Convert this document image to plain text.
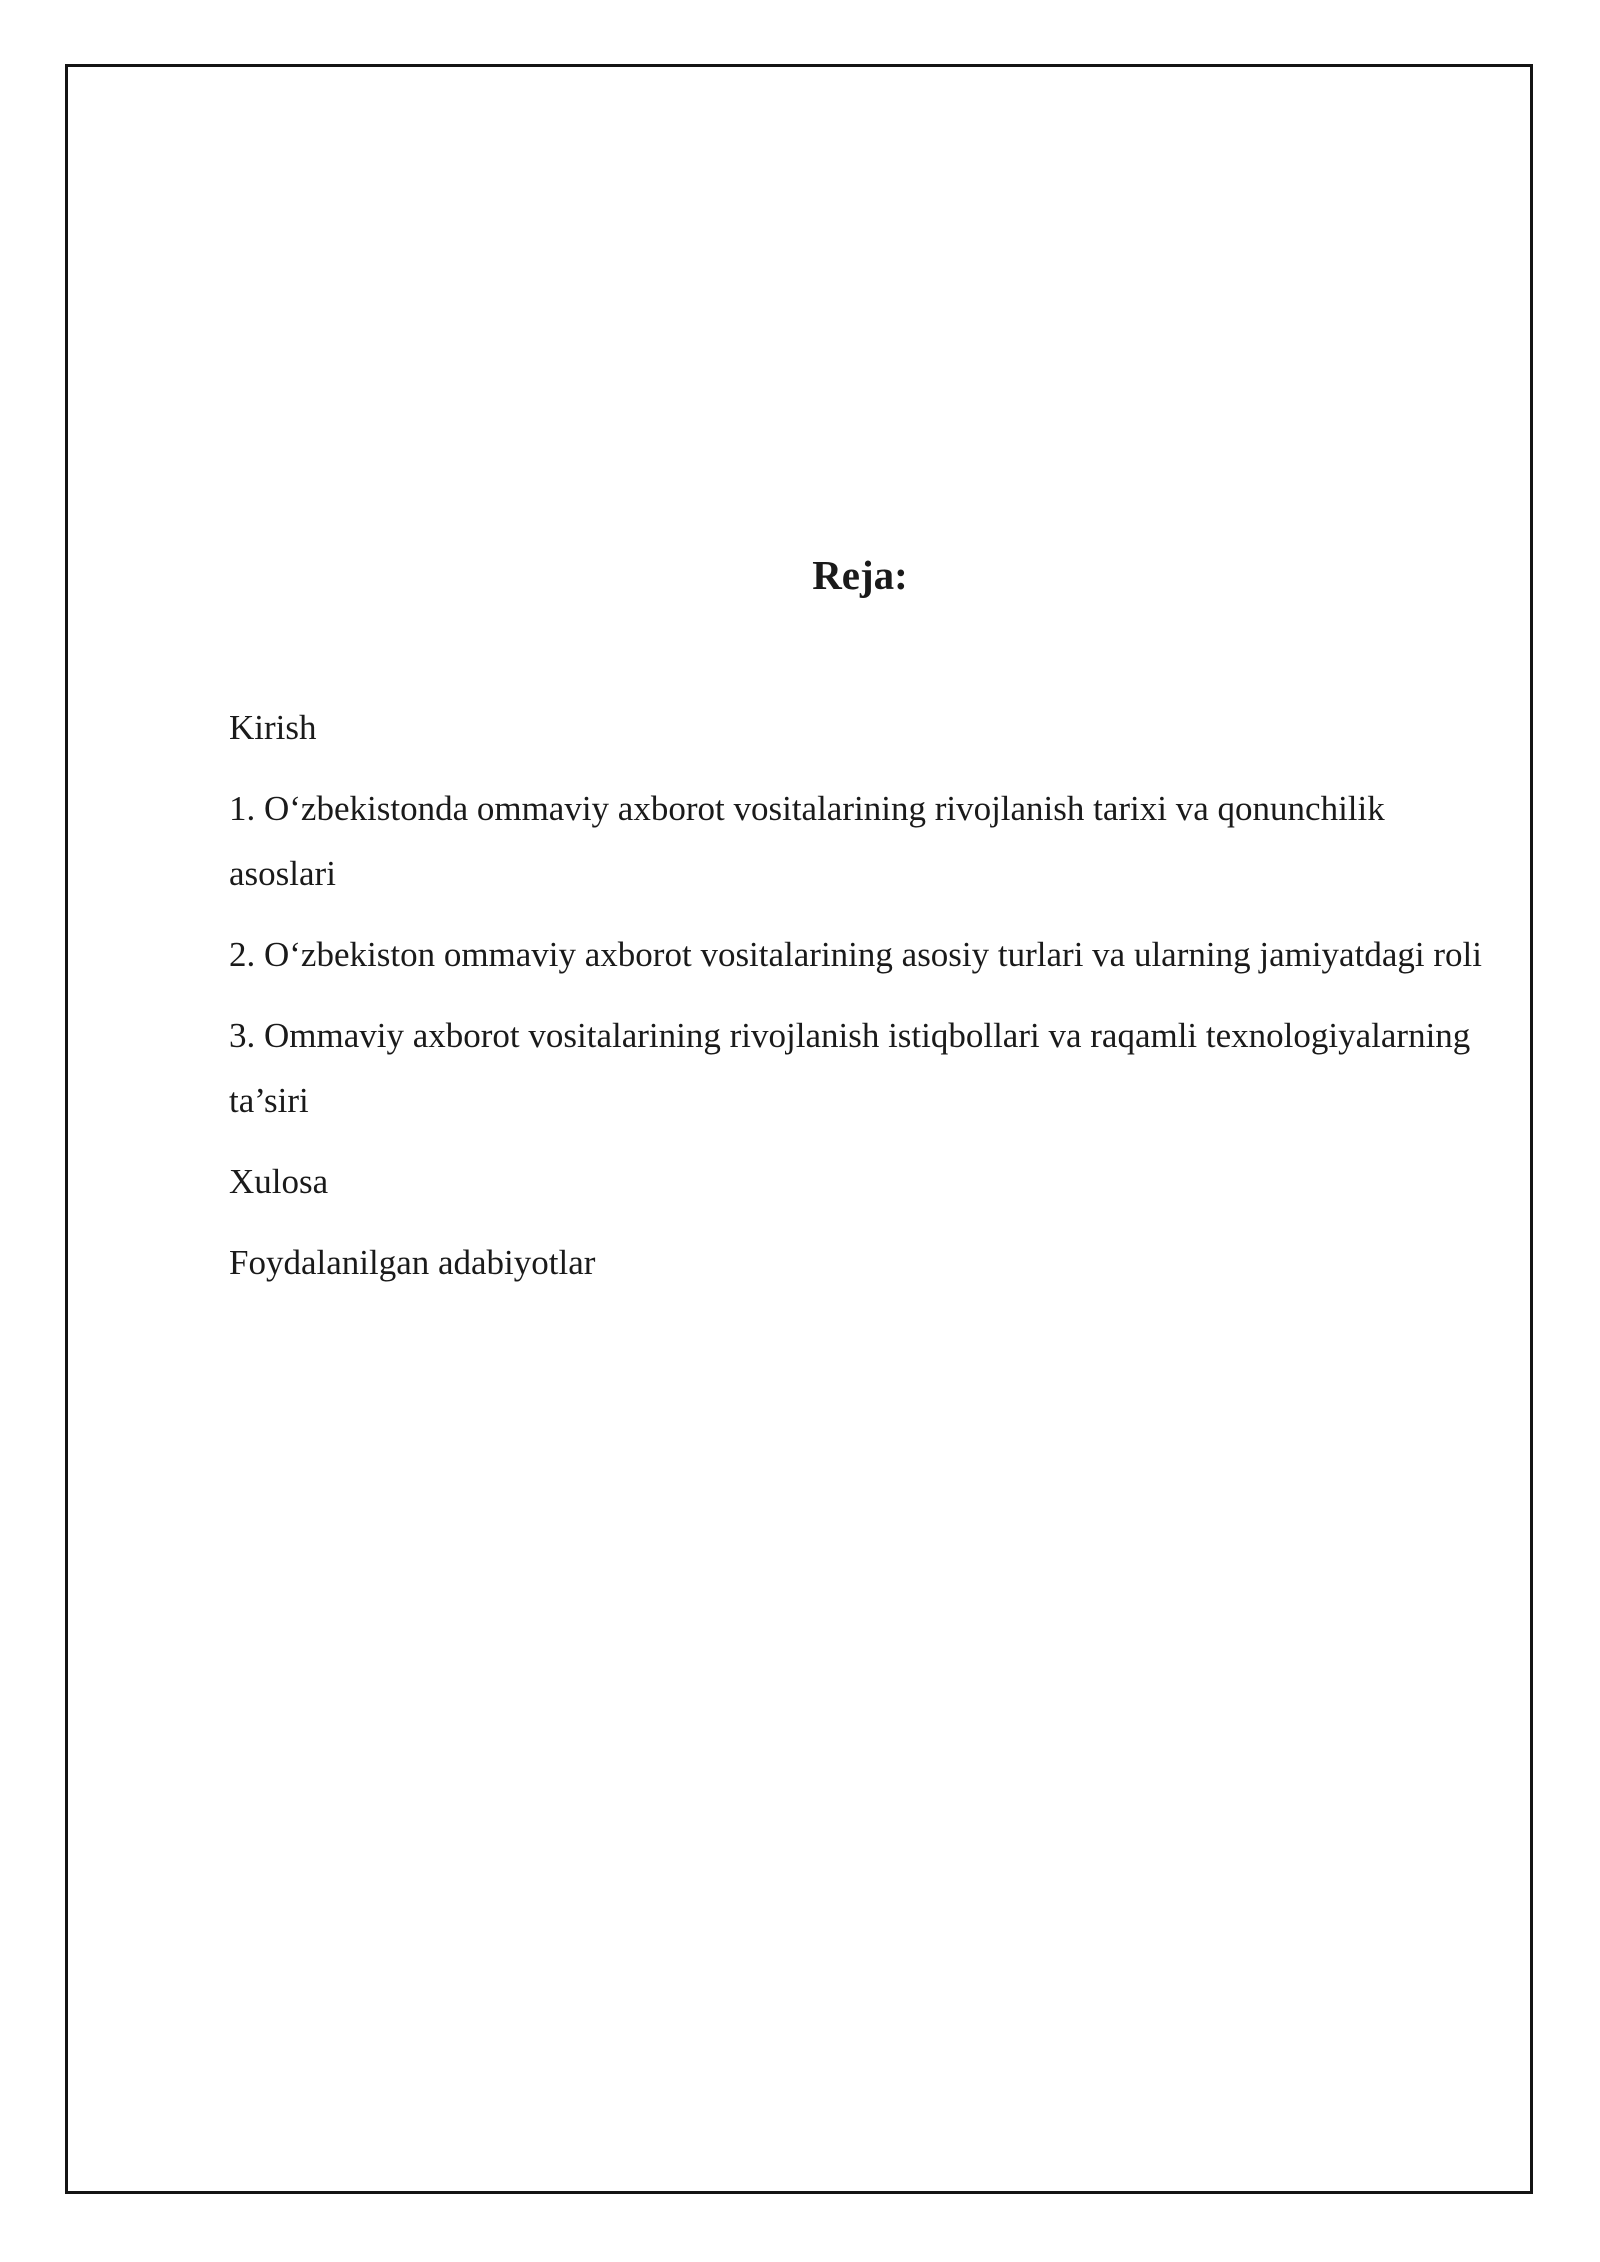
Reja:
Kirish
1. O‘zbekistonda ommaviy axborot vositalarining rivojlanish tarixi va qonunchilik asoslari
2. O‘zbekiston ommaviy axborot vositalarining asosiy turlari va ularning jamiyatdagi roli
3. Ommaviy axborot vositalarining rivojlanish istiqbollari va raqamli texnologiyalarning ta’siri
Xulosa
Foydalanilgan adabiyotlar
